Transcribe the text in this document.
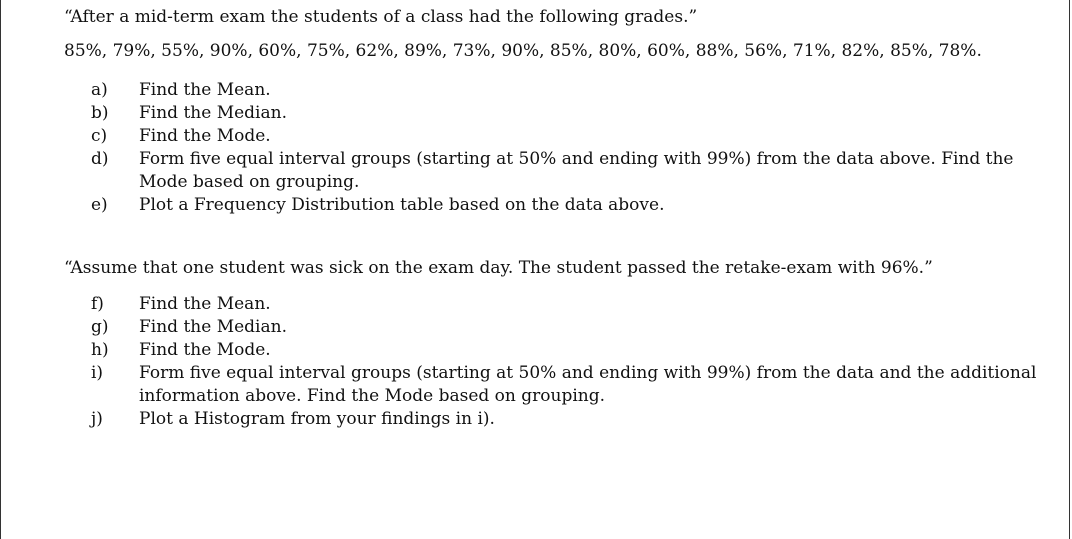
“After a mid-term exam the students of a class had the following grades.”

85%, 79%, 55%, 90%, 60%, 75%, 62%, 89%, 73%, 90%, 85%, 80%, 60%, 88%, 56%, 71%, 82%, 85%, 78%.

a)	Find the Mean.
b)	Find the Median.
c)	Find the Mode.
d)	Form five equal interval groups (starting at 50% and ending with 99%) from the data above. Find the Mode based on grouping.
e)	Plot a Frequency Distribution table based on the data above.

“Assume that one student was sick on the exam day. The student passed the retake-exam with 96%.”

f)	Find the Mean.
g)	Find the Median.
h)	Find the Mode.
i)	Form five equal interval groups (starting at 50% and ending with 99%) from the data and the additional information above. Find the Mode based on grouping.
j)	Plot a Histogram from your findings in i).
